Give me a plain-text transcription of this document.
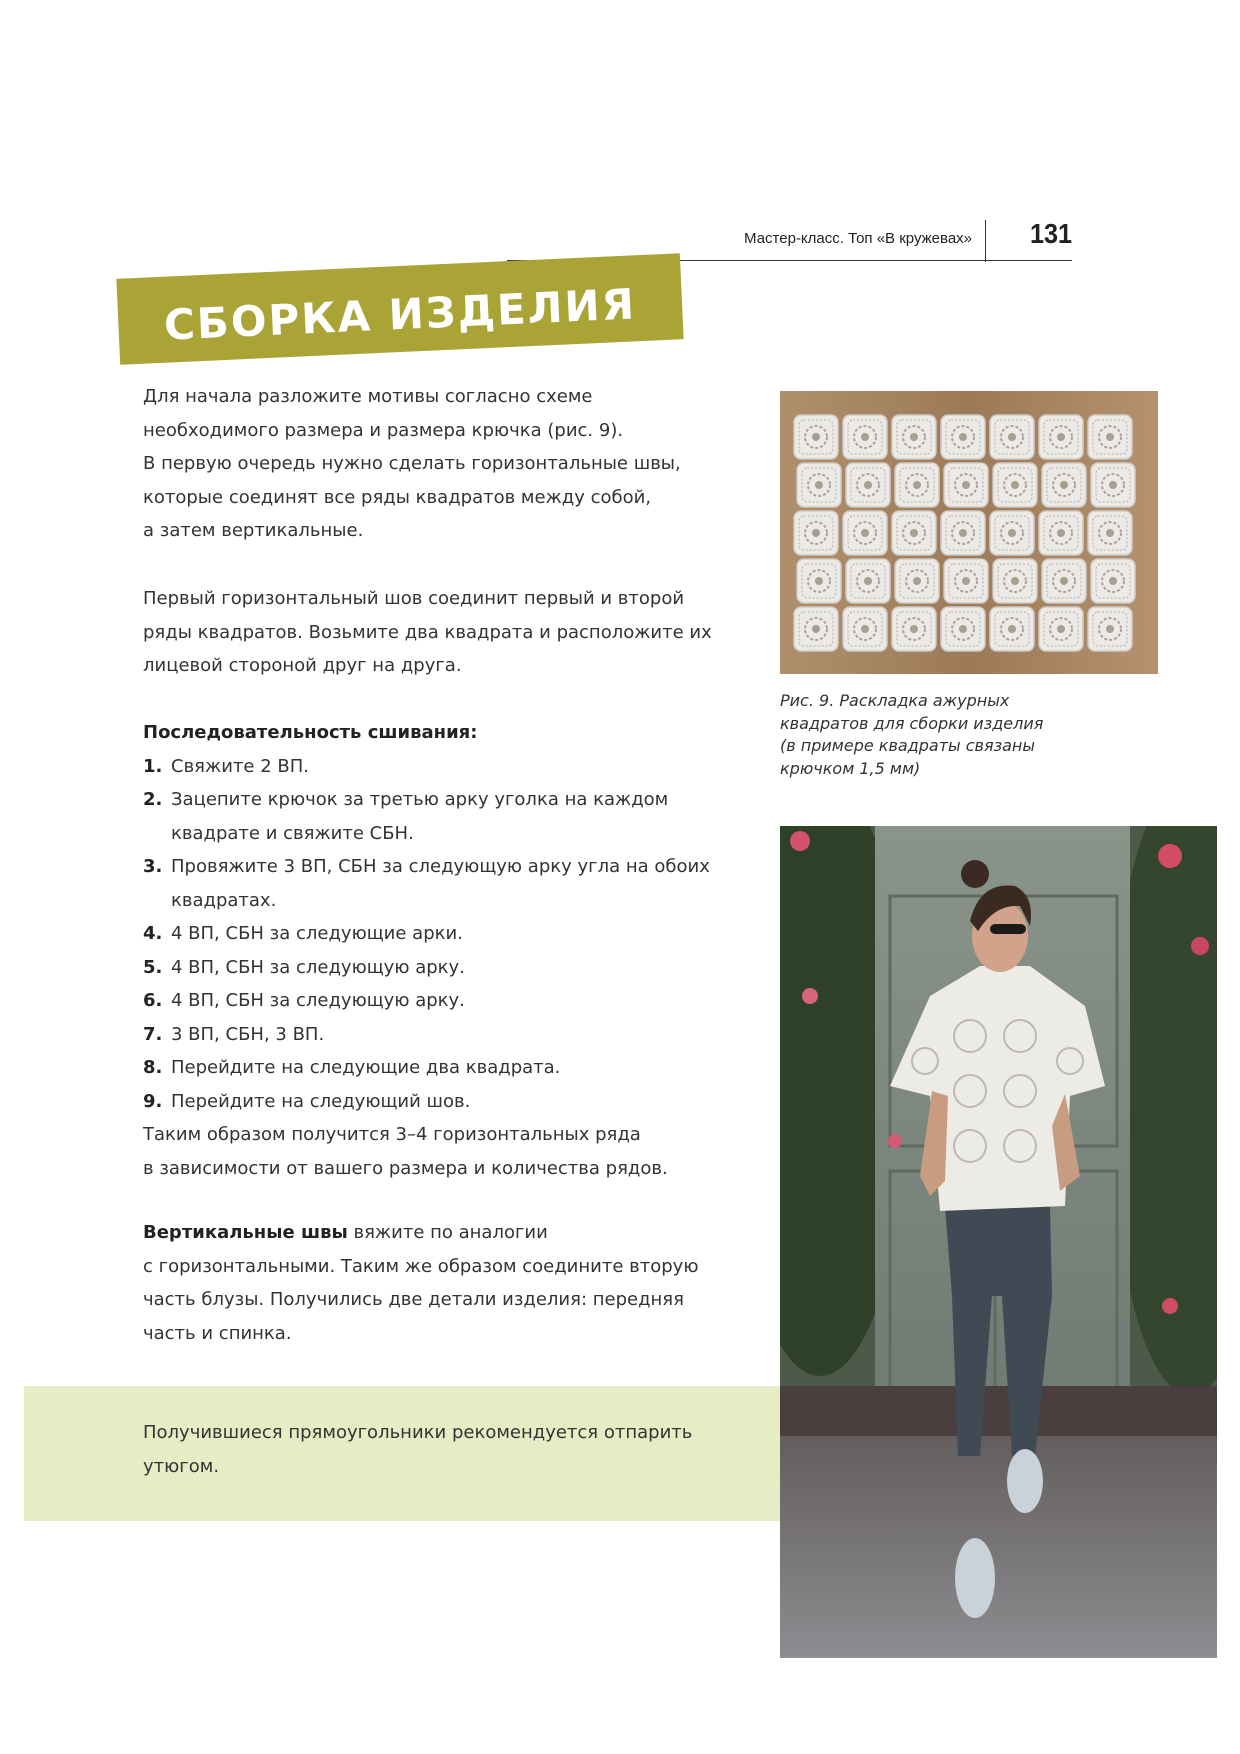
Мастер-класс. Топ «В кружевах»	131
СБОРКА ИЗДЕЛИЯ
Для начала разложите мотивы согласно схеме
необходимого размера и размера крючка (рис. 9).
В первую очередь нужно сделать горизонтальные швы,
которые соединят все ряды квадратов между собой,
а затем вертикальные.
Первый горизонтальный шов соединит первый и второй
ряды квадратов. Возьмите два квадрата и расположите их
лицевой стороной друг на друга.
Последовательность сшивания:
1. Свяжите 2 ВП.
2. Зацепите крючок за третью арку уголка на каждом
квадрате и свяжите СБН.
3. Провяжите 3 ВП, СБН за следующую арку угла на обоих
квадратах.
4. 4 ВП, СБН за следующие арки.
5. 4 ВП, СБН за следующую арку.
6. 4 ВП, СБН за следующую арку.
7. 3 ВП, СБН, 3 ВП.
8. Перейдите на следующие два квадрата.
9. Перейдите на следующий шов.
Таким образом получится 3–4 горизонтальных ряда
в зависимости от вашего размера и количества рядов.
Вертикальные швы вяжите по аналогии
с горизонтальными. Таким же образом соедините вторую
часть блузы. Получились две детали изделия: передняя
часть и спинка.
Получившиеся прямоугольники рекомендуется отпарить
утюгом.
Рис. 9. Раскладка ажурных
квадратов для сборки изделия
(в примере квадраты связаны
крючком 1,5 мм)
